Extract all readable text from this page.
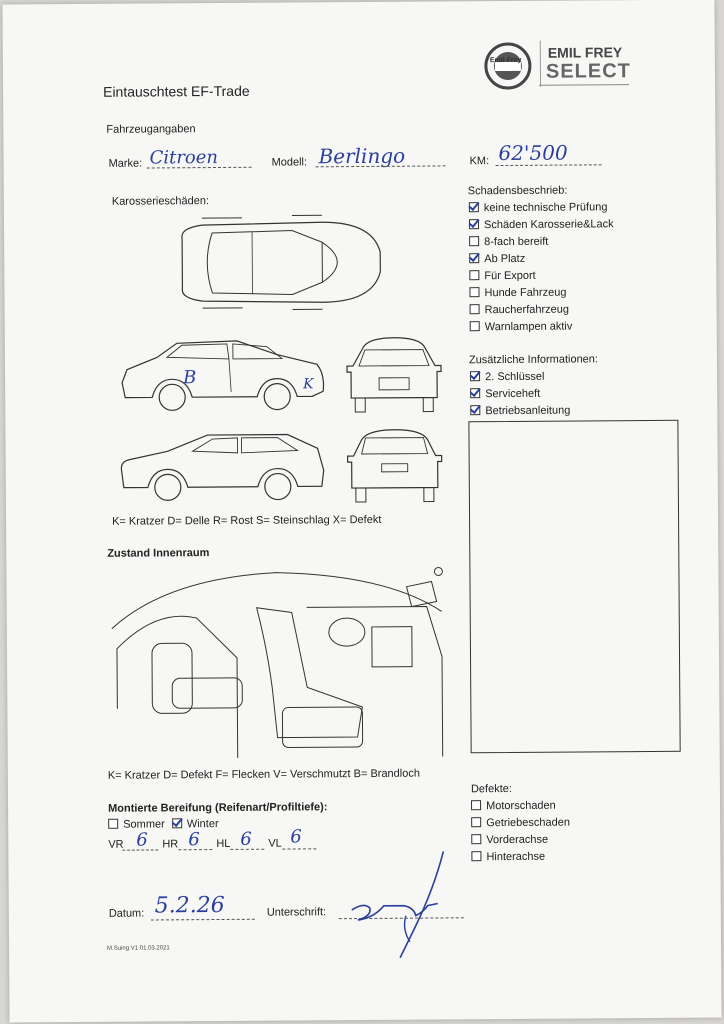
Emil Frey EMIL FREY
SELECT
Eintauschtest EF-Trade
Fahrzeugangaben
Marke: Citroen	Modell: Berlingo	KM: 62'500
Karosserieschäden:
B	K
K= Kratzer D= Delle R= Rost S= Steinschlag X= Defekt
Schadensbeschrieb:
keine technische Prüfung
Schäden Karosserie&Lack
8-fach bereift
Ab Platz
Für Export
Hunde Fahrzeug
Raucherfahrzeug
Warnlampen aktiv
Zusätzliche Informationen:
2. Schlüssel
Serviceheft
Betriebsanleitung
Zustand Innenraum
K= Kratzer D= Defekt F= Flecken V= Verschmutzt B= Brandloch
Montierte Bereifung (Reifenart/Profiltiefe):
Sommer Winter
VR 6 HR 6 HL 6 VL 6
Defekte:
Motorschaden
Getriebeschaden
Vorderachse
Hinterachse
Datum: 5.2.26	Unterschrift:
M.Suing V1 01.03.2021
